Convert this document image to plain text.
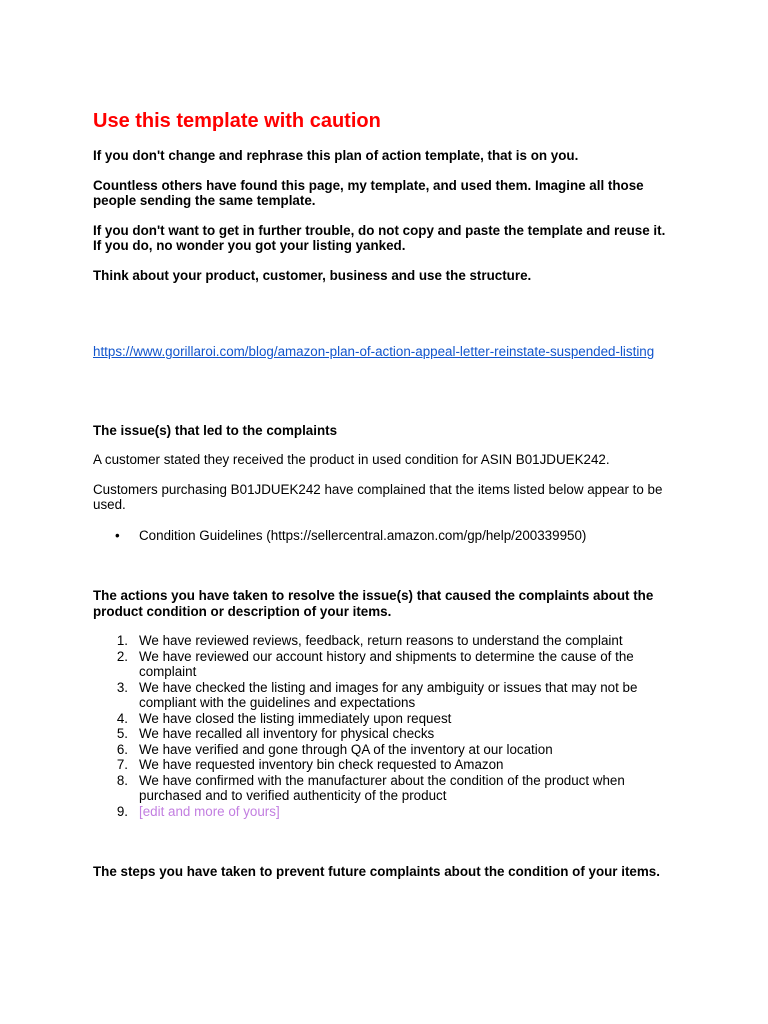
Use this template with caution

If you don't change and rephrase this plan of action template, that is on you.

Countless others have found this page, my template, and used them. Imagine all those people sending the same template.

If you don't want to get in further trouble, do not copy and paste the template and reuse it. If you do, no wonder you got your listing yanked.

Think about your product, customer, business and use the structure.

https://www.gorillaroi.com/blog/amazon-plan-of-action-appeal-letter-reinstate-suspended-listing

The issue(s) that led to the complaints

A customer stated they received the product in used condition for ASIN B01JDUEK242.

Customers purchasing B01JDUEK242 have complained that the items listed below appear to be used.

• Condition Guidelines (https://sellercentral.amazon.com/gp/help/200339950)

The actions you have taken to resolve the issue(s) that caused the complaints about the product condition or description of your items.

1. We have reviewed reviews, feedback, return reasons to understand the complaint
2. We have reviewed our account history and shipments to determine the cause of the complaint
3. We have checked the listing and images for any ambiguity or issues that may not be compliant with the guidelines and expectations
4. We have closed the listing immediately upon request
5. We have recalled all inventory for physical checks
6. We have verified and gone through QA of the inventory at our location
7. We have requested inventory bin check requested to Amazon
8. We have confirmed with the manufacturer about the condition of the product when purchased and to verified authenticity of the product
9. [edit and more of yours]

The steps you have taken to prevent future complaints about the condition of your items.
